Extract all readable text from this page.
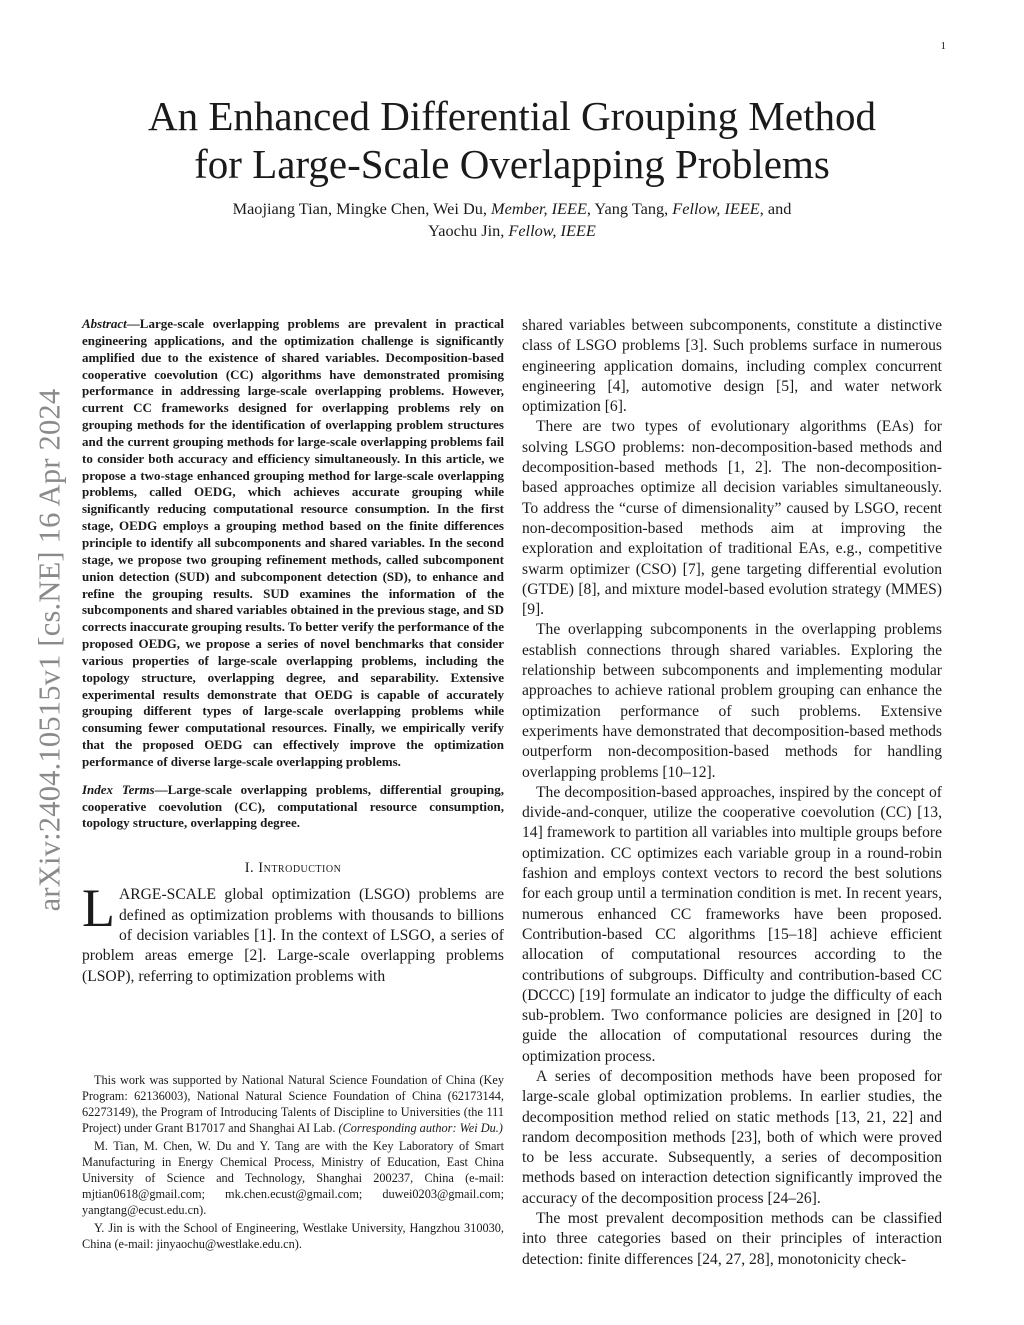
1
arXiv:2404.10515v1 [cs.NE] 16 Apr 2024
An Enhanced Differential Grouping Method
for Large-Scale Overlapping Problems
Maojiang Tian, Mingke Chen, Wei Du, Member, IEEE, Yang Tang, Fellow, IEEE, and
Yaochu Jin, Fellow, IEEE

Abstract—Large-scale overlapping problems are prevalent in practical engineering applications, and the optimization challenge is significantly amplified due to the existence of shared variables. Decomposition-based cooperative coevolution (CC) algorithms have demonstrated promising performance in addressing large-scale overlapping problems. However, current CC frameworks designed for overlapping problems rely on grouping methods for the identification of overlapping problem structures and the current grouping methods for large-scale overlapping problems fail to consider both accuracy and efficiency simultaneously. In this article, we propose a two-stage enhanced grouping method for large-scale overlapping problems, called OEDG, which achieves accurate grouping while significantly reducing computational resource consumption. In the first stage, OEDG employs a grouping method based on the finite differences principle to identify all subcomponents and shared variables. In the second stage, we propose two grouping refinement methods, called subcomponent union detection (SUD) and subcomponent detection (SD), to enhance and refine the grouping results. SUD examines the information of the subcomponents and shared variables obtained in the previous stage, and SD corrects inaccurate grouping results. To better verify the performance of the proposed OEDG, we propose a series of novel benchmarks that consider various properties of large-scale overlapping problems, including the topology structure, overlapping degree, and separability. Extensive experimental results demonstrate that OEDG is capable of accurately grouping different types of large-scale overlapping problems while consuming fewer computational resources. Finally, we empirically verify that the proposed OEDG can effectively improve the optimization performance of diverse large-scale overlapping problems.

Index Terms—Large-scale overlapping problems, differential grouping, cooperative coevolution (CC), computational resource consumption, topology structure, overlapping degree.

I. Introduction

LARGE-SCALE global optimization (LSGO) problems are defined as optimization problems with thousands to billions of decision variables [1]. In the context of LSGO, a series of problem areas emerge [2]. Large-scale overlapping problems (LSOP), referring to optimization problems with

This work was supported by National Natural Science Foundation of China (Key Program: 62136003), National Natural Science Foundation of China (62173144, 62273149), the Program of Introducing Talents of Discipline to Universities (the 111 Project) under Grant B17017 and Shanghai AI Lab. (Corresponding author: Wei Du.)

M. Tian, M. Chen, W. Du and Y. Tang are with the Key Laboratory of Smart Manufacturing in Energy Chemical Process, Ministry of Education, East China University of Science and Technology, Shanghai 200237, China (e-mail: mjtian0618@gmail.com; mk.chen.ecust@gmail.com; duwei0203@gmail.com; yangtang@ecust.edu.cn).

Y. Jin is with the School of Engineering, Westlake University, Hangzhou 310030, China (e-mail: jinyaochu@westlake.edu.cn).

shared variables between subcomponents, constitute a distinctive class of LSGO problems [3]. Such problems surface in numerous engineering application domains, including complex concurrent engineering [4], automotive design [5], and water network optimization [6].

There are two types of evolutionary algorithms (EAs) for solving LSGO problems: non-decomposition-based methods and decomposition-based methods [1, 2]. The non-decomposition-based approaches optimize all decision variables simultaneously. To address the “curse of dimensionality” caused by LSGO, recent non-decomposition-based methods aim at improving the exploration and exploitation of traditional EAs, e.g., competitive swarm optimizer (CSO) [7], gene targeting differential evolution (GTDE) [8], and mixture model-based evolution strategy (MMES) [9].

The overlapping subcomponents in the overlapping problems establish connections through shared variables. Exploring the relationship between subcomponents and implementing modular approaches to achieve rational problem grouping can enhance the optimization performance of such problems. Extensive experiments have demonstrated that decomposition-based methods outperform non-decomposition-based methods for handling overlapping problems [10–12].

The decomposition-based approaches, inspired by the concept of divide-and-conquer, utilize the cooperative coevolution (CC) [13, 14] framework to partition all variables into multiple groups before optimization. CC optimizes each variable group in a round-robin fashion and employs context vectors to record the best solutions for each group until a termination condition is met. In recent years, numerous enhanced CC frameworks have been proposed. Contribution-based CC algorithms [15–18] achieve efficient allocation of computational resources according to the contributions of subgroups. Difficulty and contribution-based CC (DCCC) [19] formulate an indicator to judge the difficulty of each sub-problem. Two conformance policies are designed in [20] to guide the allocation of computational resources during the optimization process.

A series of decomposition methods have been proposed for large-scale global optimization problems. In earlier studies, the decomposition method relied on static methods [13, 21, 22] and random decomposition methods [23], both of which were proved to be less accurate. Subsequently, a series of decomposition methods based on interaction detection significantly improved the accuracy of the decomposition process [24–26].

The most prevalent decomposition methods can be classified into three categories based on their principles of interaction detection: finite differences [24, 27, 28], monotonicity check-
